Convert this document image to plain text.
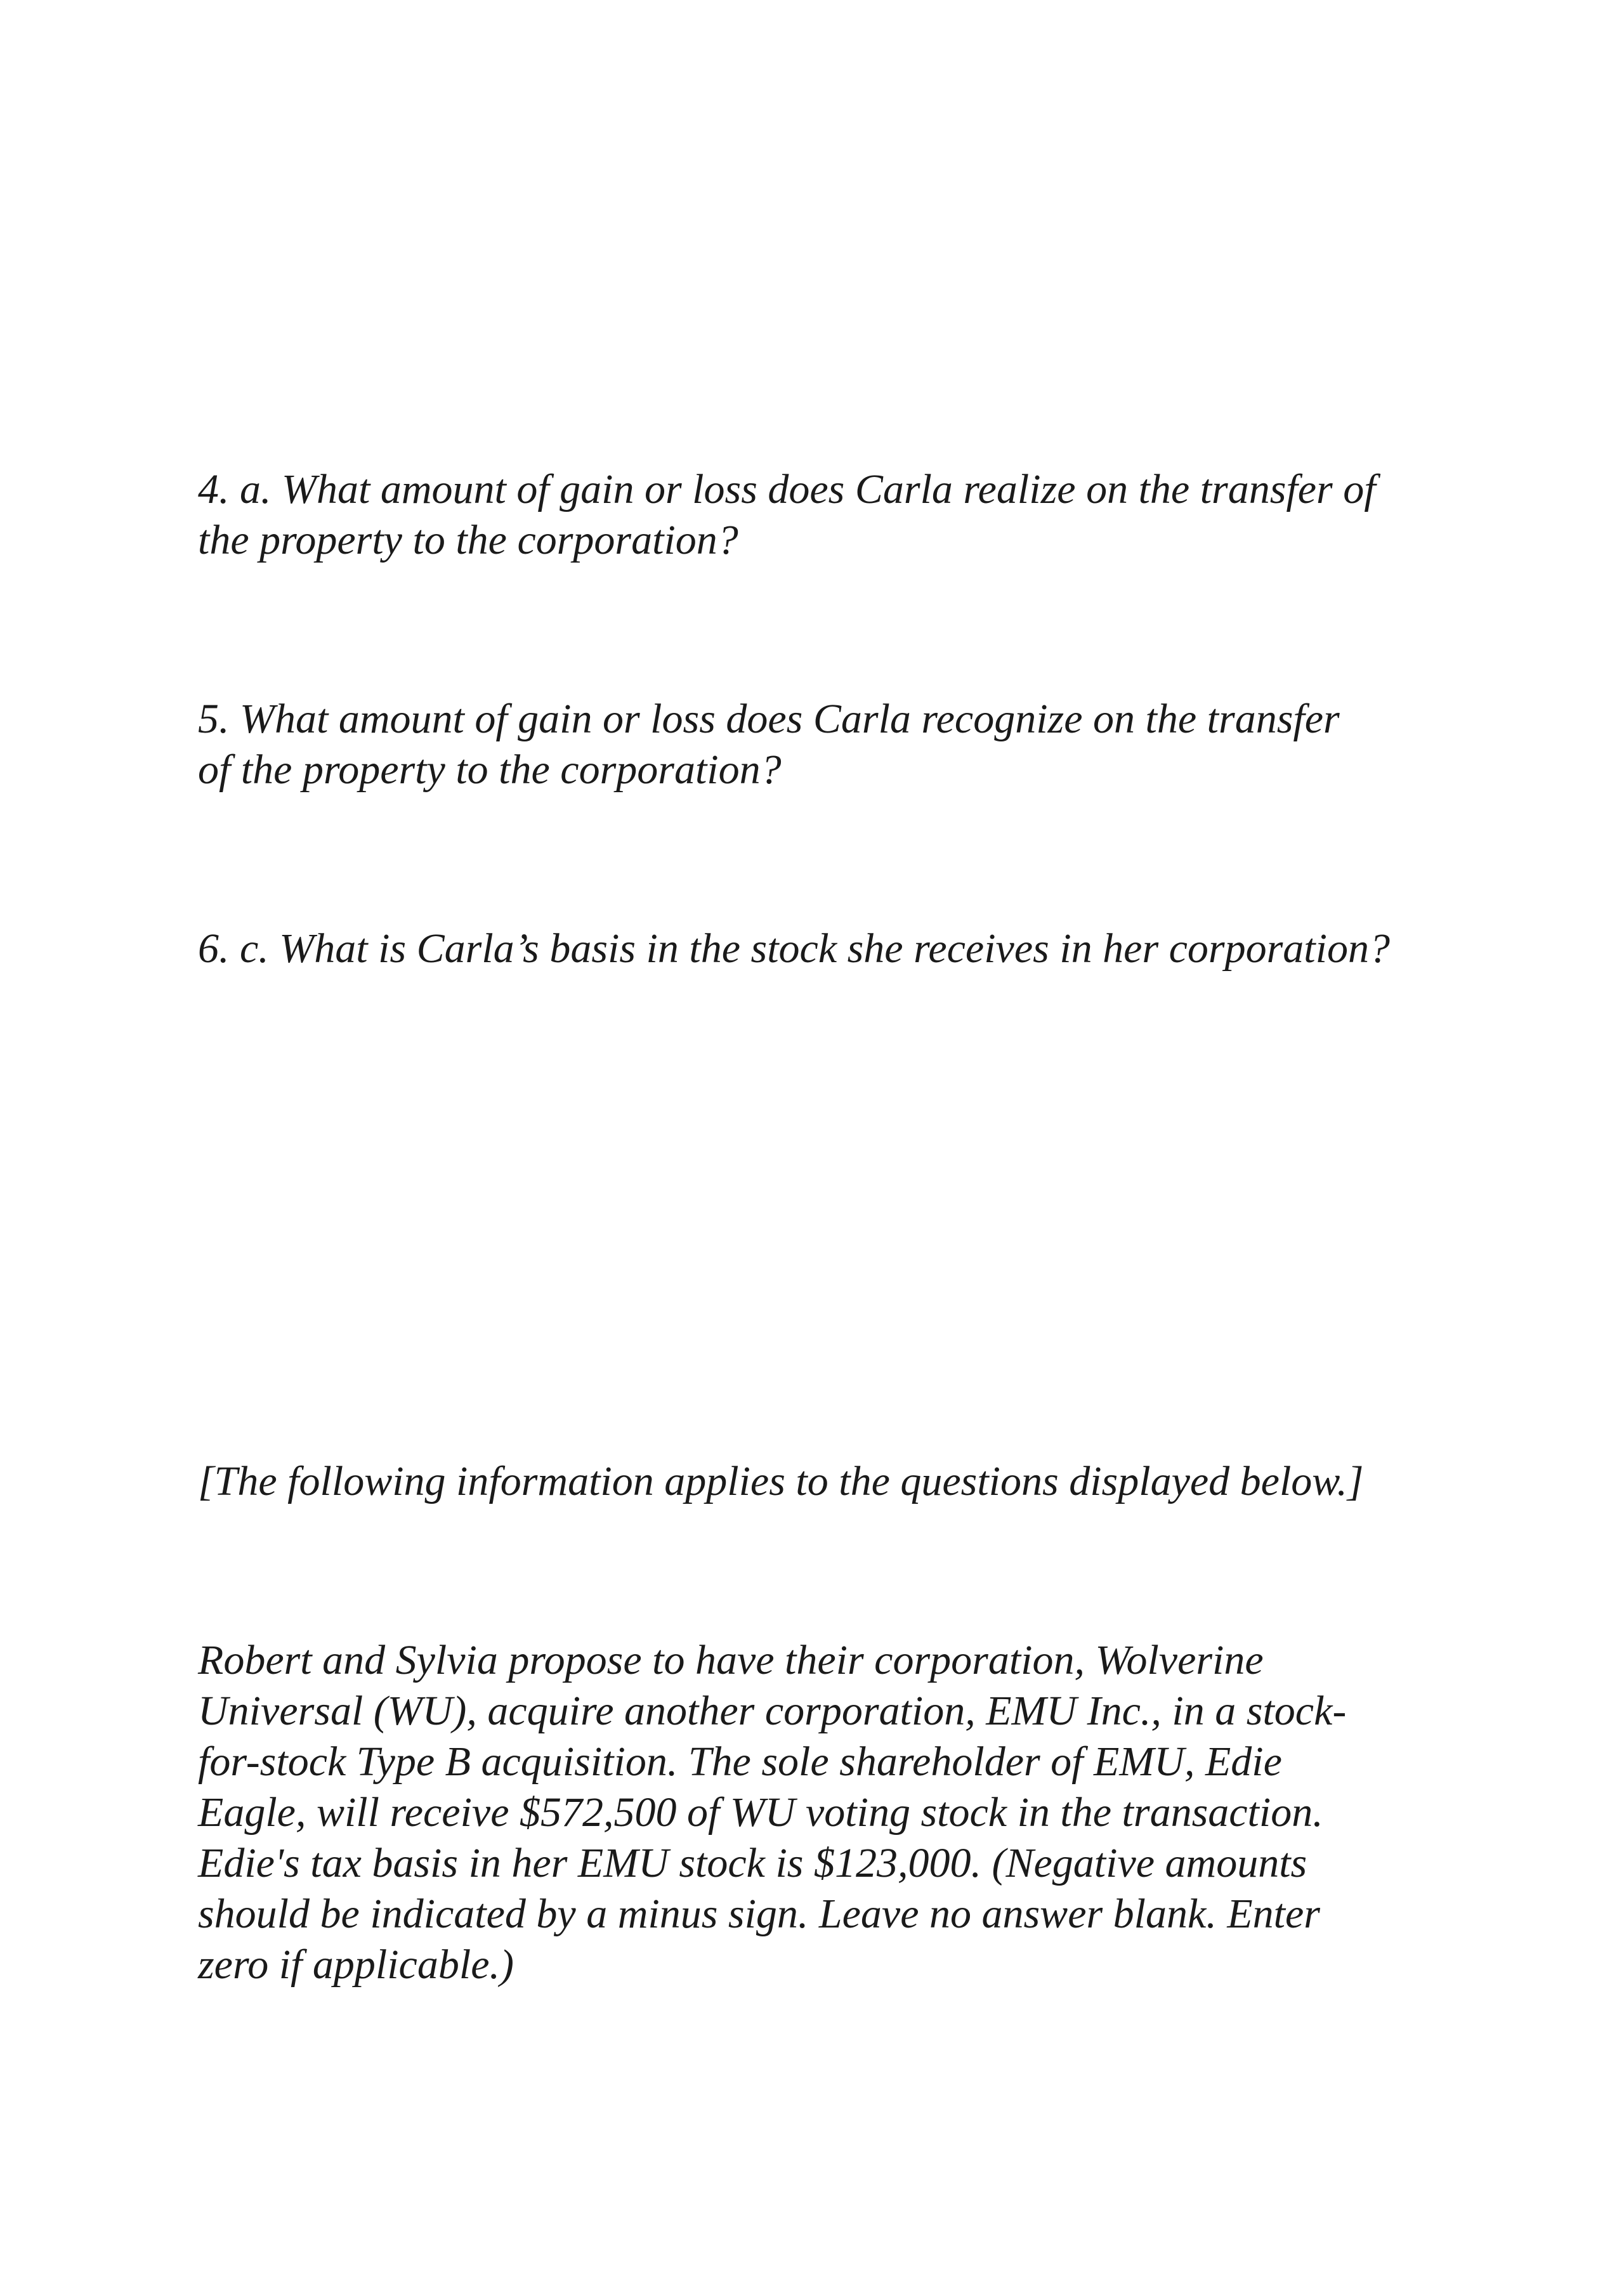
4. a. What amount of gain or loss does Carla realize on the transfer of
the property to the corporation?

5. What amount of gain or loss does Carla recognize on the transfer
of the property to the corporation?

6. c. What is Carla’s basis in the stock she receives in her corporation?

[The following information applies to the questions displayed below.]

Robert and Sylvia propose to have their corporation, Wolverine
Universal (WU), acquire another corporation, EMU Inc., in a stock-
for-stock Type B acquisition. The sole shareholder of EMU, Edie
Eagle, will receive $572,500 of WU voting stock in the transaction.
Edie's tax basis in her EMU stock is $123,000. (Negative amounts
should be indicated by a minus sign. Leave no answer blank. Enter
zero if applicable.)
